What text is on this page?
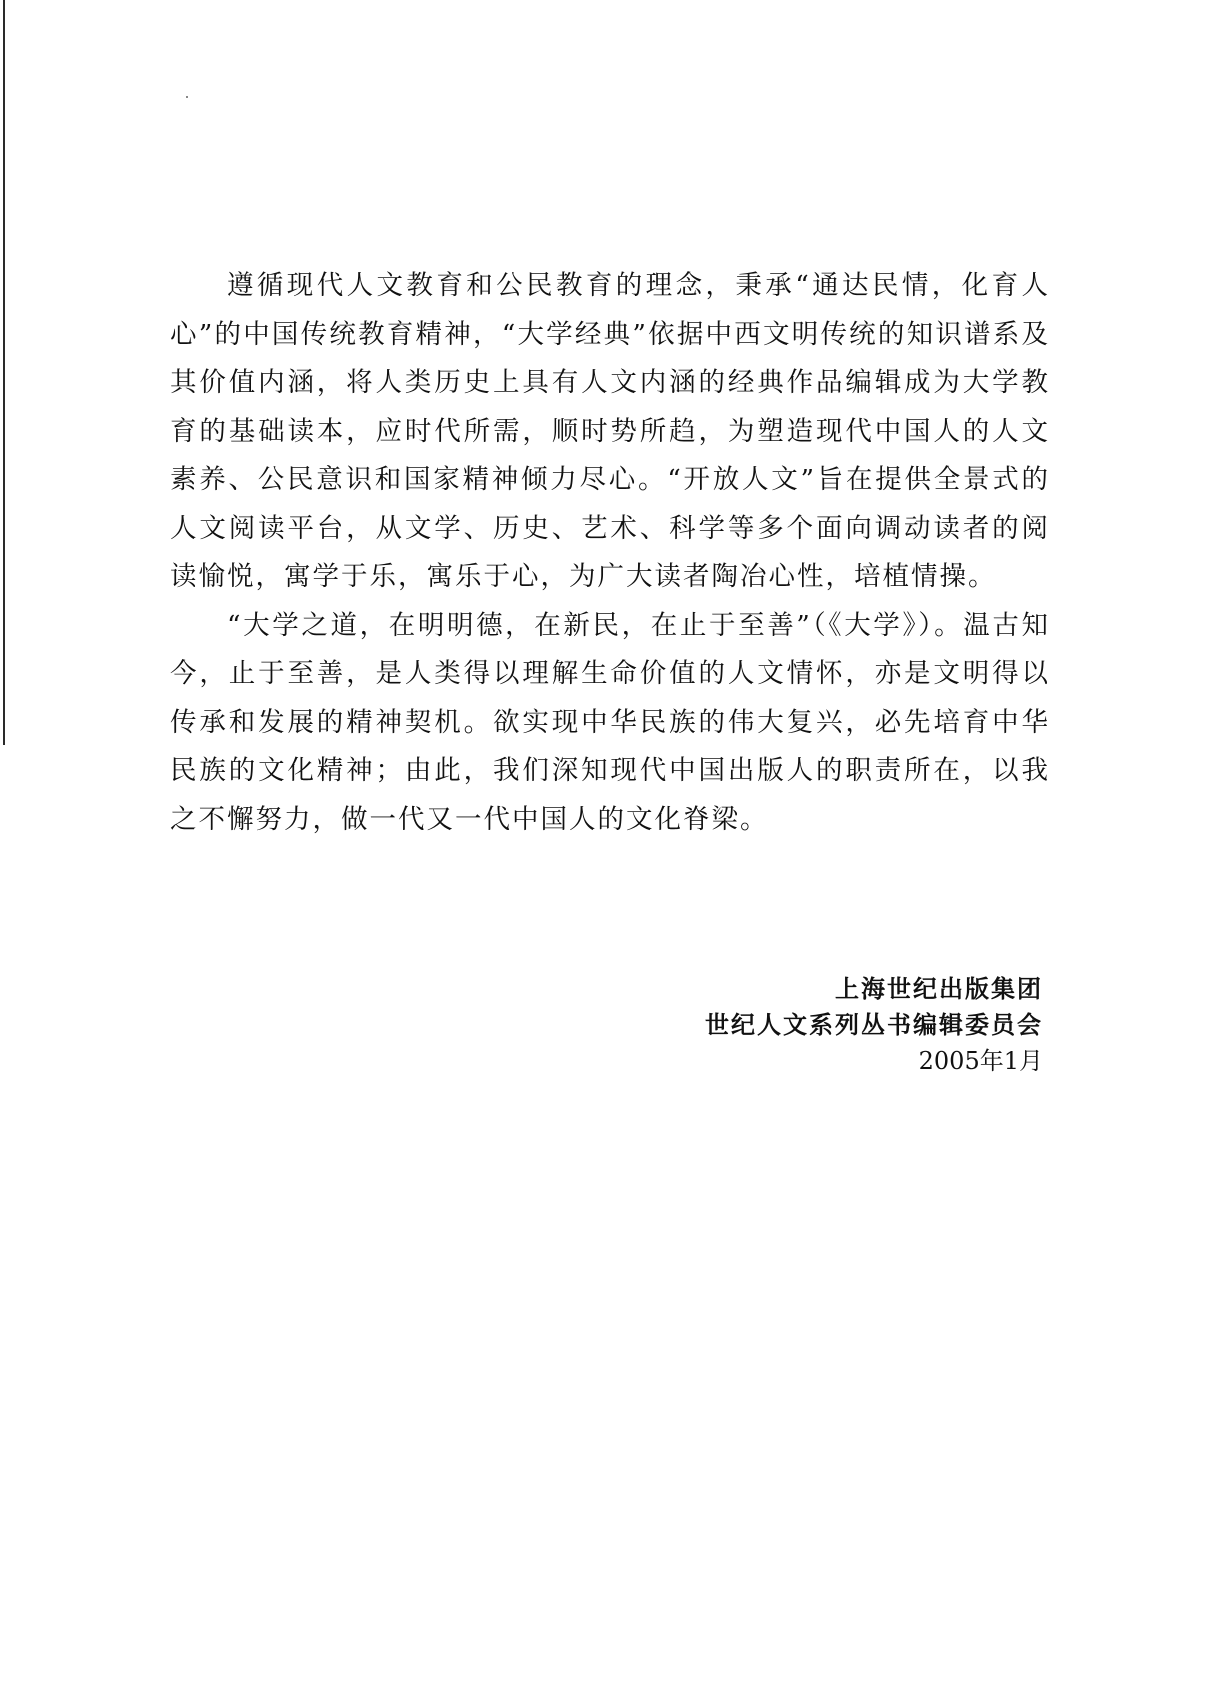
遵循现代人文教育和公民教育的理念，秉承“通达民情，化育人心”的中国传统教育精神，“大学经典”依据中西文明传统的知识谱系及其价值内涵，将人类历史上具有人文内涵的经典作品编辑成为大学教育的基础读本，应时代所需，顺时势所趋，为塑造现代中国人的人文素养、公民意识和国家精神倾力尽心。“开放人文”旨在提供全景式的人文阅读平台，从文学、历史、艺术、科学等多个面向调动读者的阅读愉悦，寓学于乐，寓乐于心，为广大读者陶冶心性，培植情操。

“大学之道，在明明德，在新民，在止于至善”（《大学》）。温古知今，止于至善，是人类得以理解生命价值的人文情怀，亦是文明得以传承和发展的精神契机。欲实现中华民族的伟大复兴，必先培育中华民族的文化精神；由此，我们深知现代中国出版人的职责所在，以我之不懈努力，做一代又一代中国人的文化脊梁。

上海世纪出版集团
世纪人文系列丛书编辑委员会
2005年1月
